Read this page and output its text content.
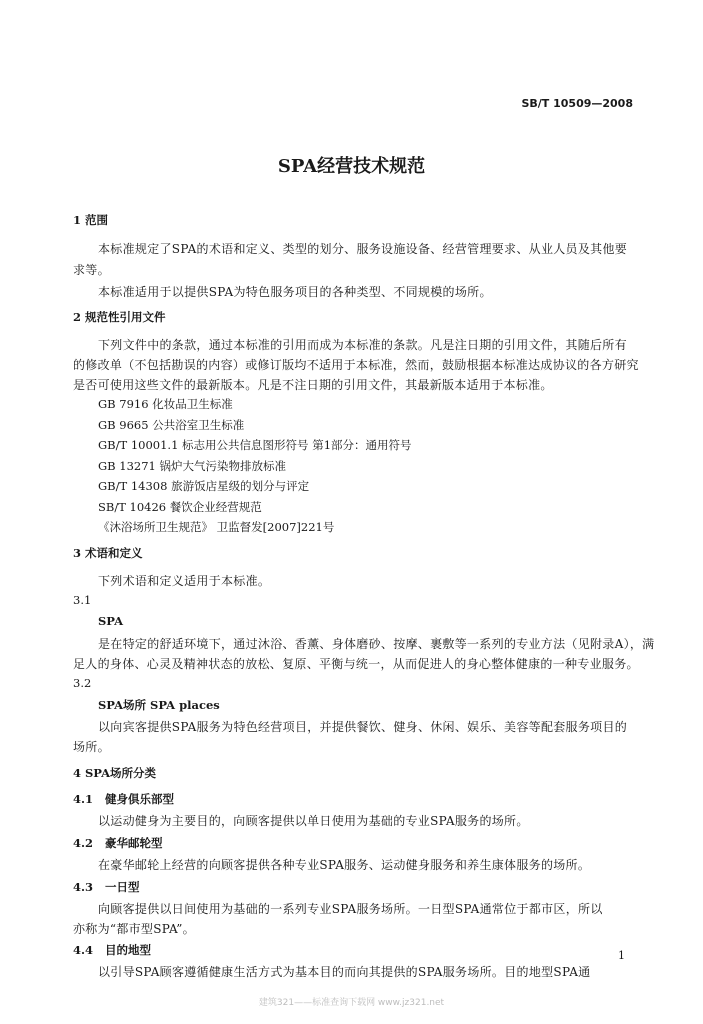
SB/T 10509—2008
SPA经营技术规范
1 范围
本标准规定了SPA的术语和定义、类型的划分、服务设施设备、经营管理要求、从业人员及其他要
求等。
本标准适用于以提供SPA为特色服务项目的各种类型、不同规模的场所。
2 规范性引用文件
下列文件中的条款，通过本标准的引用而成为本标准的条款。凡是注日期的引用文件，其随后所有
的修改单（不包括勘误的内容）或修订版均不适用于本标准，然而，鼓励根据本标准达成协议的各方研究
是否可使用这些文件的最新版本。凡是不注日期的引用文件，其最新版本适用于本标准。
GB 7916 化妆品卫生标准
GB 9665 公共浴室卫生标准
GB/T 10001.1 标志用公共信息图形符号 第1部分：通用符号
GB 13271 锅炉大气污染物排放标准
GB/T 14308 旅游饭店星级的划分与评定
SB/T 10426 餐饮企业经营规范
《沐浴场所卫生规范》 卫监督发[2007]221号
3 术语和定义
下列术语和定义适用于本标准。
3.1
SPA
是在特定的舒适环境下，通过沐浴、香薰、身体磨砂、按摩、裹敷等一系列的专业方法（见附录A），满
足人的身体、心灵及精神状态的放松、复原、平衡与统一，从而促进人的身心整体健康的一种专业服务。
3.2
SPA场所 SPA places
以向宾客提供SPA服务为特色经营项目，并提供餐饮、健身、休闲、娱乐、美容等配套服务项目的
场所。
4 SPA场所分类
4.1 健身俱乐部型
以运动健身为主要目的，向顾客提供以单日使用为基础的专业SPA服务的场所。
4.2 豪华邮轮型
在豪华邮轮上经营的向顾客提供各种专业SPA服务、运动健身服务和养生康体服务的场所。
4.3 一日型
向顾客提供以日间使用为基础的一系列专业SPA服务场所。一日型SPA通常位于都市区，所以
亦称为“都市型SPA”。
4.4 目的地型
以引导SPA顾客遵循健康生活方式为基本目的而向其提供的SPA服务场所。目的地型SPA通
1
建筑321——标准查询下载网 www.jz321.net
